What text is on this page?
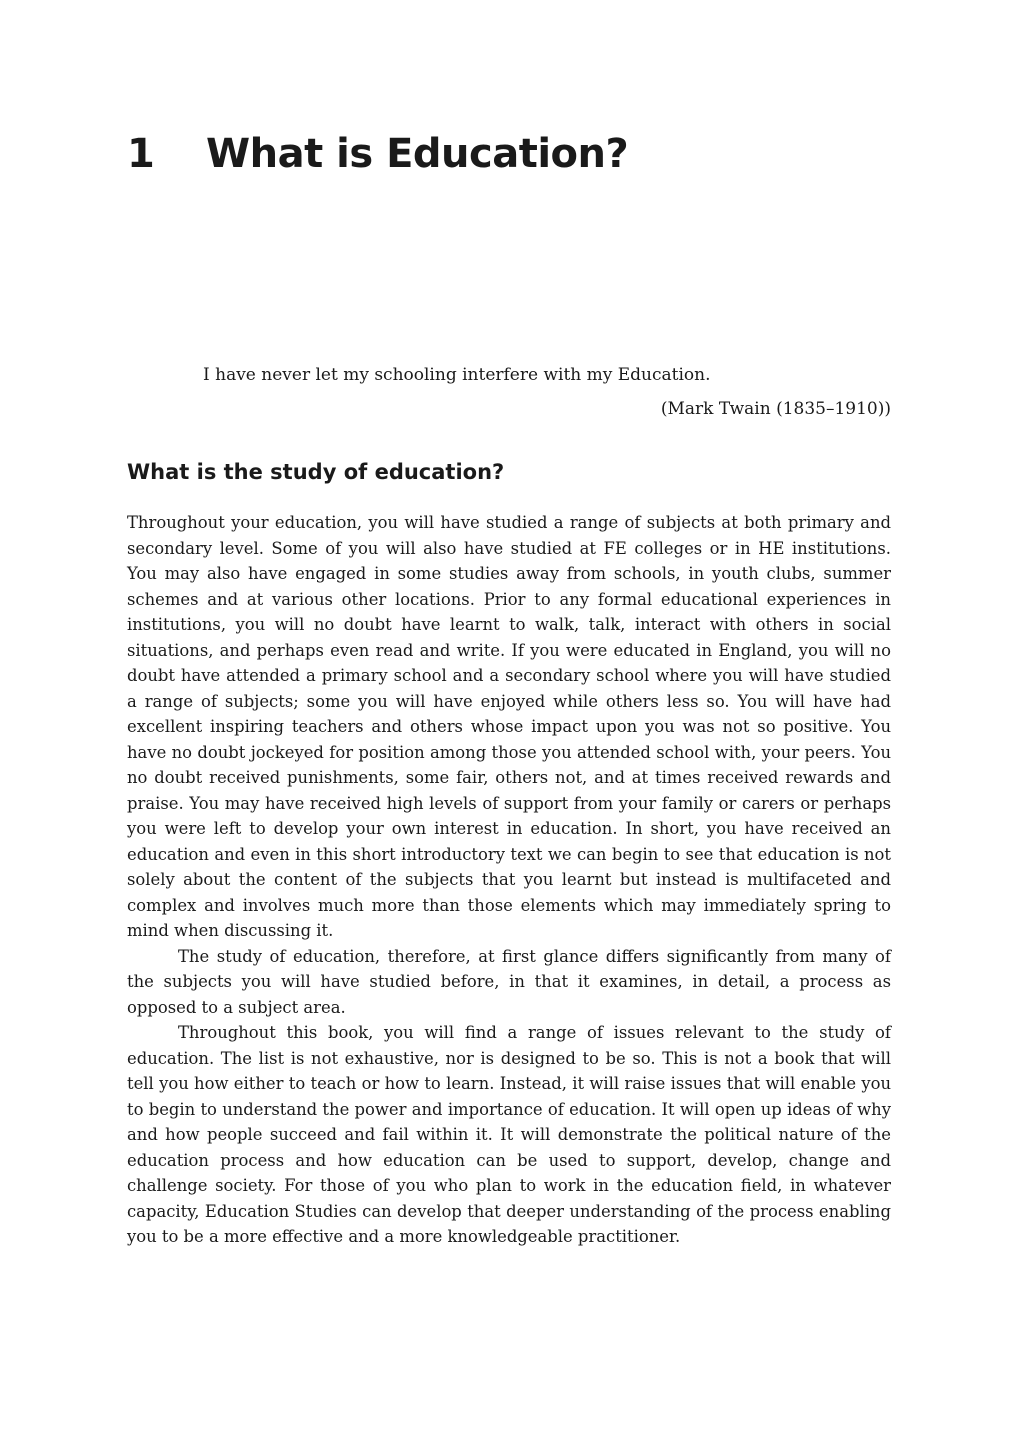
1 What is Education?

I have never let my schooling interfere with my Education.

(Mark Twain (1835–1910))

What is the study of education?

Throughout your education, you will have studied a range of subjects at both primary and secondary level. Some of you will also have studied at FE colleges or in HE institutions. You may also have engaged in some studies away from schools, in youth clubs, summer schemes and at various other locations. Prior to any formal educational experiences in institutions, you will no doubt have learnt to walk, talk, interact with others in social situations, and perhaps even read and write. If you were educated in England, you will no doubt have attended a primary school and a secondary school where you will have studied a range of subjects; some you will have enjoyed while others less so. You will have had excellent inspiring teachers and others whose impact upon you was not so positive. You have no doubt jockeyed for position among those you attended school with, your peers. You no doubt received punishments, some fair, others not, and at times received rewards and praise. You may have received high levels of support from your family or carers or perhaps you were left to develop your own interest in education. In short, you have received an education and even in this short introductory text we can begin to see that education is not solely about the content of the subjects that you learnt but instead is multifaceted and complex and involves much more than those elements which may immediately spring to mind when discussing it.

The study of education, therefore, at first glance differs significantly from many of the subjects you will have studied before, in that it examines, in detail, a process as opposed to a subject area.

Throughout this book, you will find a range of issues relevant to the study of education. The list is not exhaustive, nor is designed to be so. This is not a book that will tell you how either to teach or how to learn. Instead, it will raise issues that will enable you to begin to understand the power and importance of education. It will open up ideas of why and how people succeed and fail within it. It will demonstrate the political nature of the education process and how education can be used to support, develop, change and challenge society. For those of you who plan to work in the education field, in whatever capacity, Education Studies can develop that deeper understanding of the process enabling you to be a more effective and a more knowledgeable practitioner.
